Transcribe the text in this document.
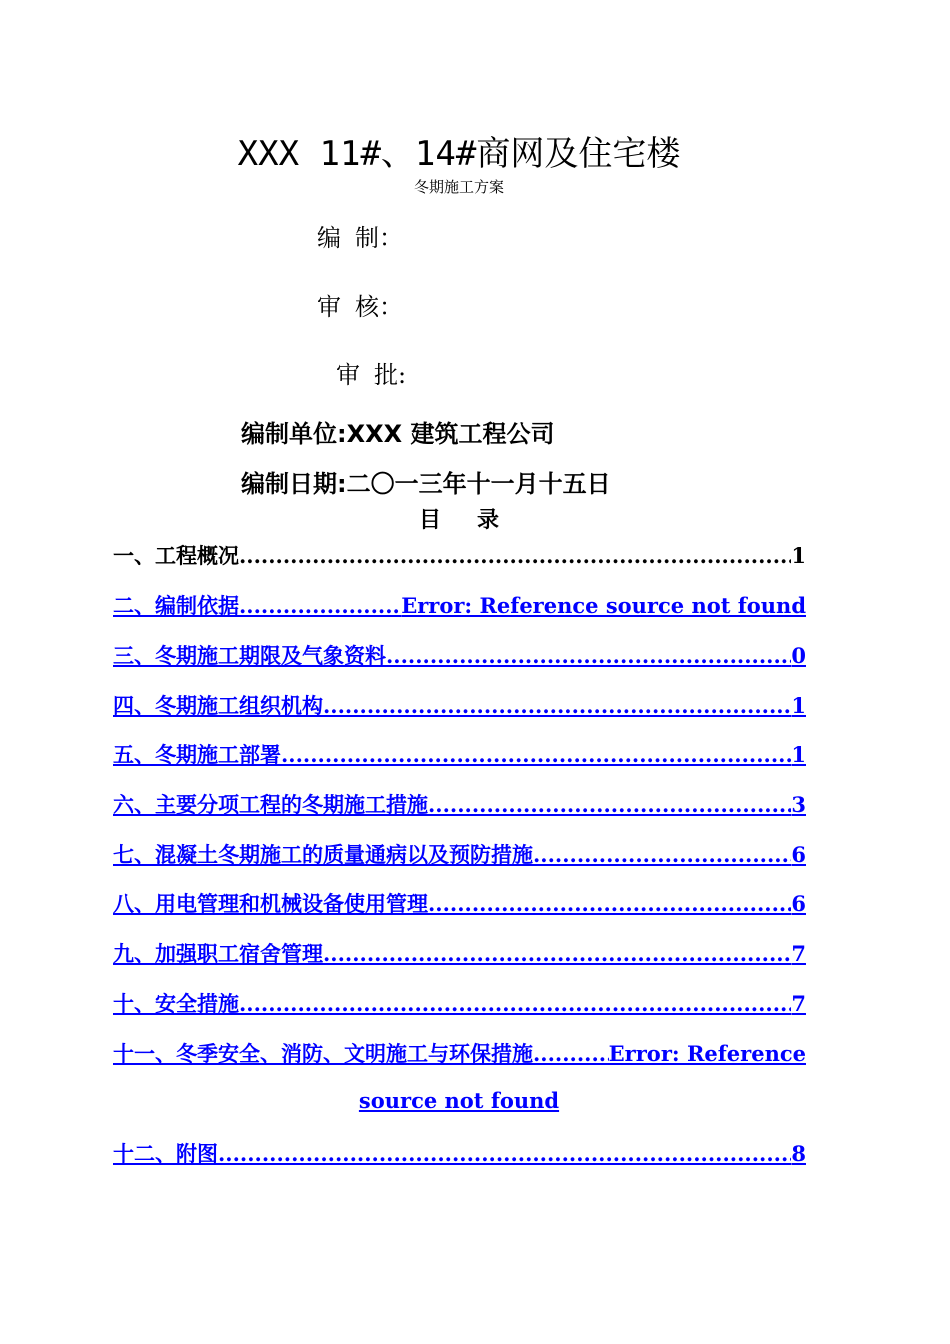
XXX 11#、14#商网及住宅楼
冬期施工方案
编 制：
审 核：
审 批:
编制单位:XXX 建筑工程公司
编制日期:二〇一三年十一月十五日
目 录
一、工程概况 .....	1
二、编制依据 .....	Error: Reference source not found
三、冬期施工期限及气象资料 .....	0
四、冬期施工组织机构 .....	1
五、冬期施工部署 .....	1
六、主要分项工程的冬期施工措施 .....	3
七、混凝土冬期施工的质量通病以及预防措施 .....	6
八、用电管理和机械设备使用管理 .....	6
九、加强职工宿舍管理 .....	7
十、安全措施 .....	7
十一、冬季安全、消防、文明施工与环保措施 .....	Error: Reference
source not found
十二、附图 .....	8
